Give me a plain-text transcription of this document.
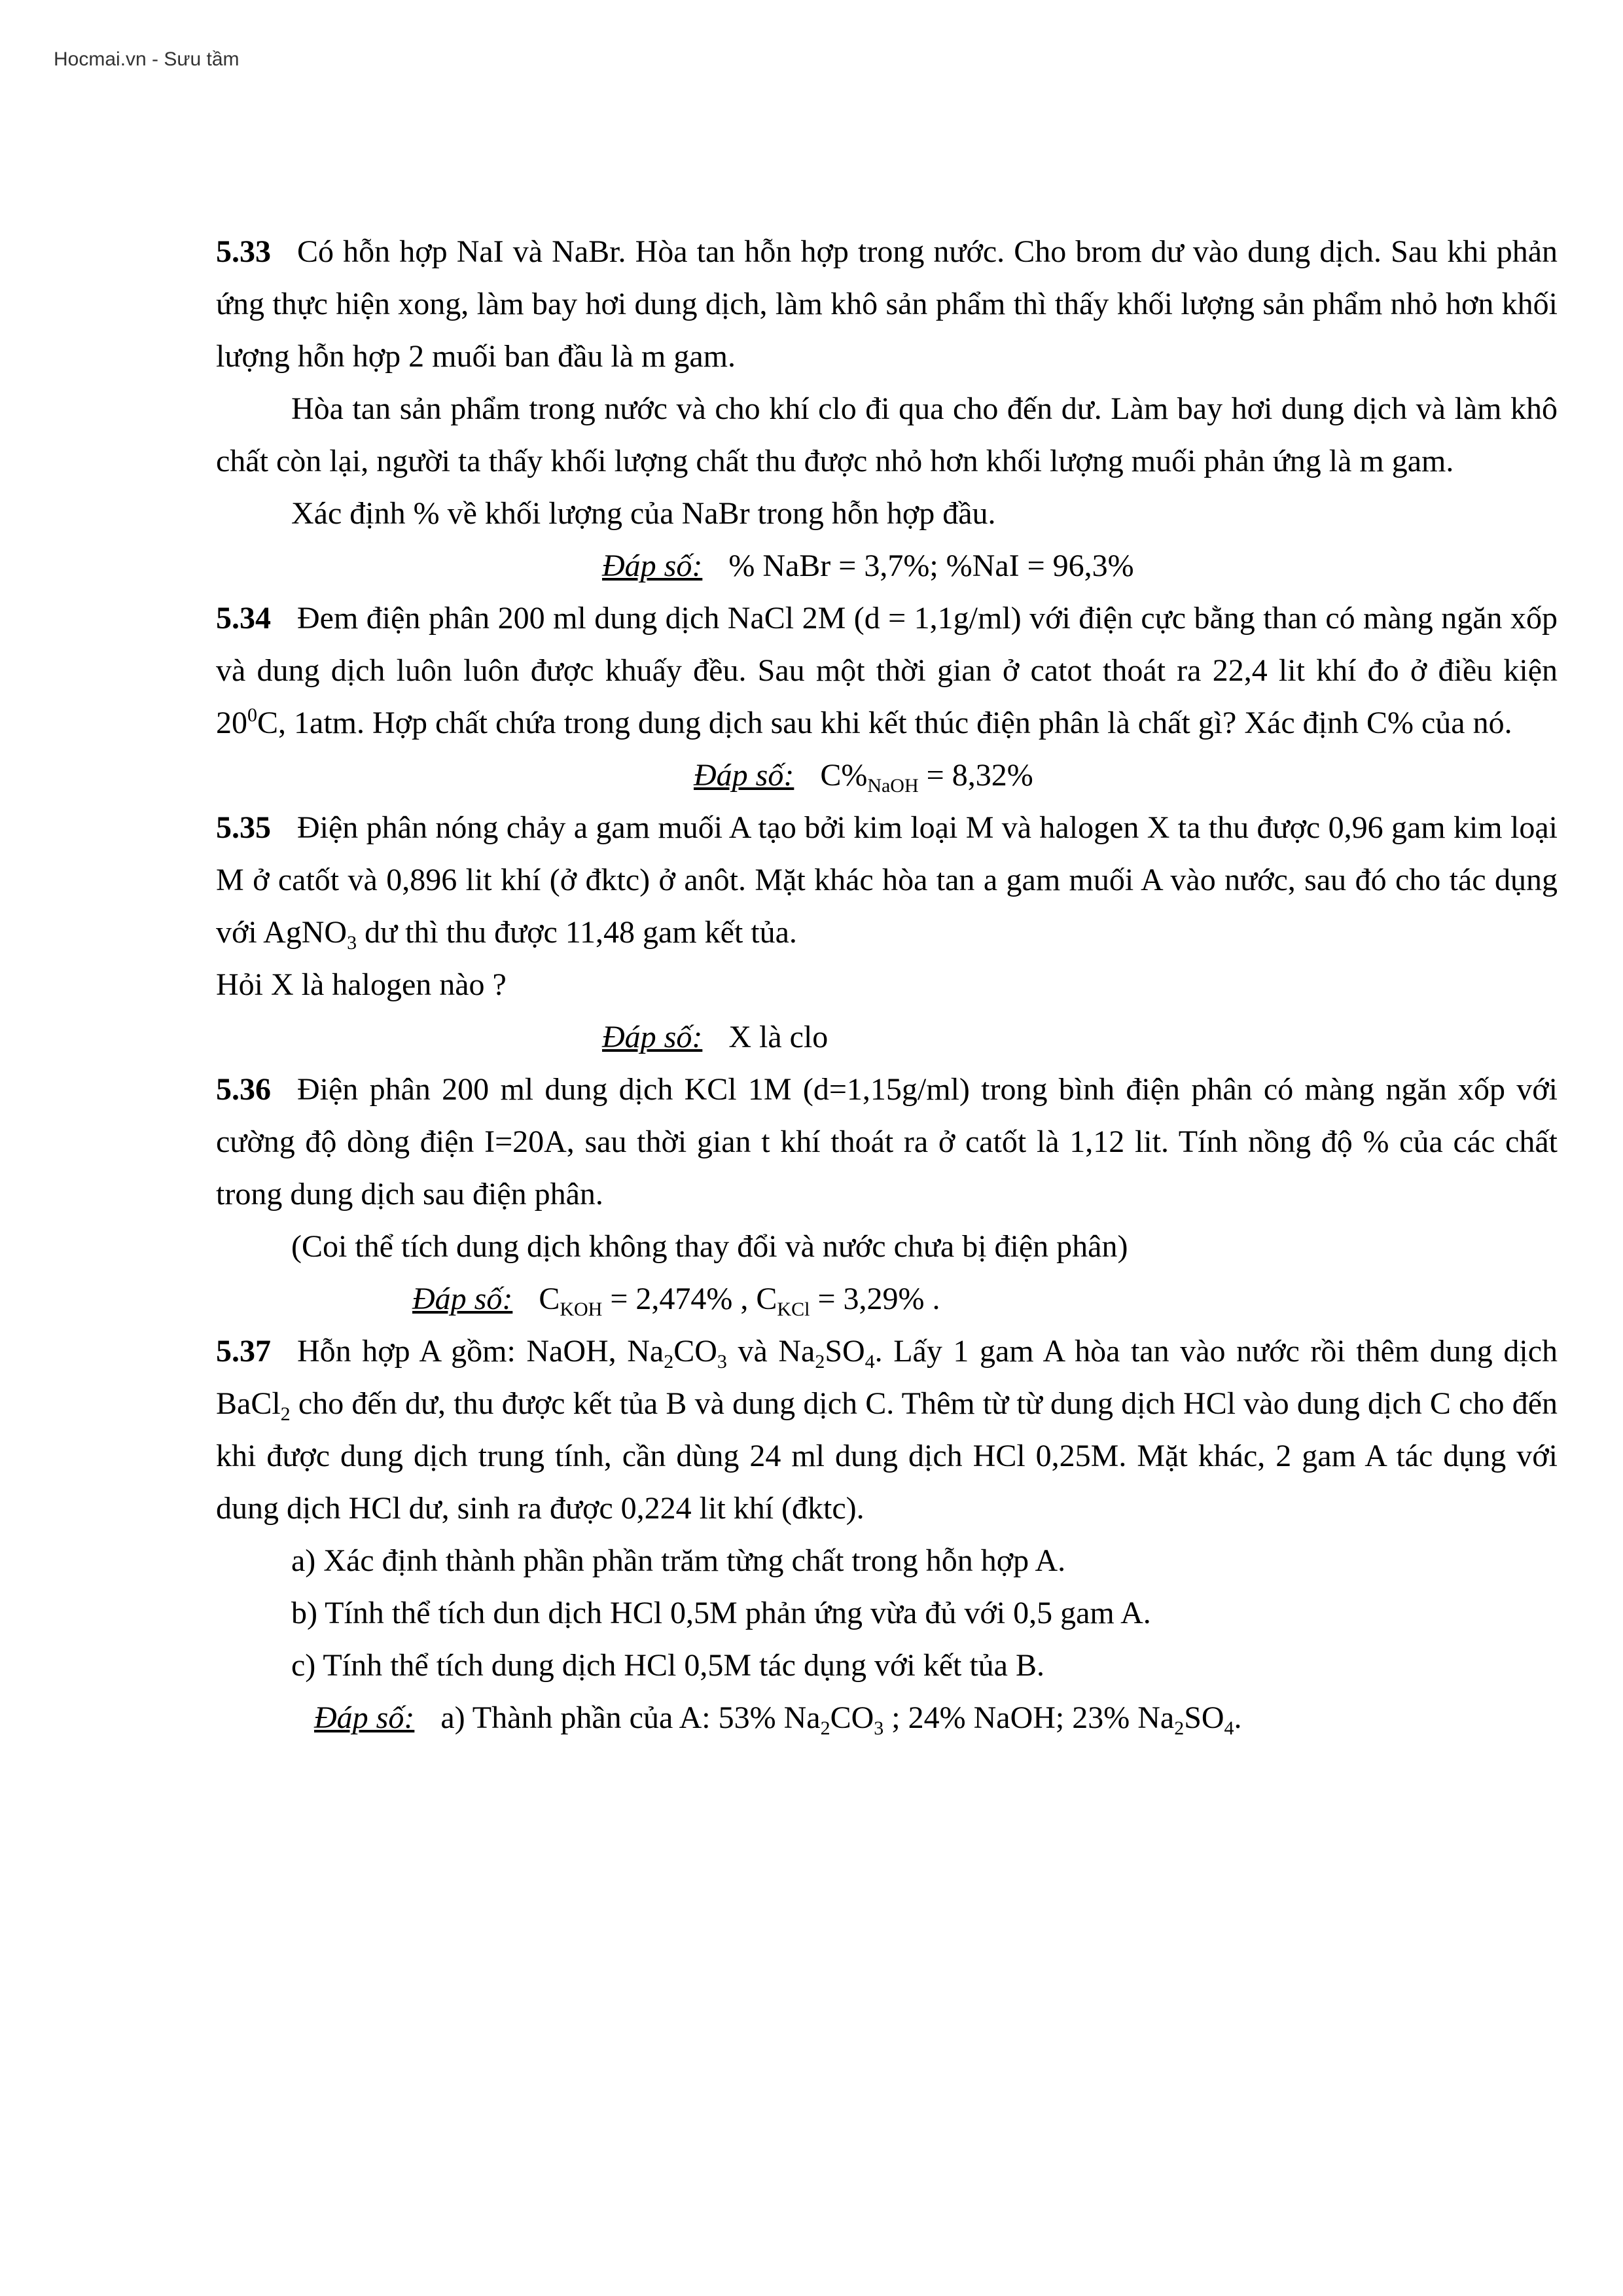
Hocmai.vn - Sưu tầm

5.33 Có hỗn hợp NaI và NaBr. Hòa tan hỗn hợp trong nước. Cho brom dư vào dung dịch. Sau khi phản ứng thực hiện xong, làm bay hơi dung dịch, làm khô sản phẩm thì thấy khối lượng sản phẩm nhỏ hơn khối lượng hỗn hợp 2 muối ban đầu là m gam.

Hòa tan sản phẩm trong nước và cho khí clo đi qua cho đến dư. Làm bay hơi dung dịch và làm khô chất còn lại, người ta thấy khối lượng chất thu được nhỏ hơn khối lượng muối phản ứng là m gam.

Xác định % về khối lượng của NaBr trong hỗn hợp đầu.

Đáp số: % NaBr = 3,7%; %NaI = 96,3%

5.34 Đem điện phân 200 ml dung dịch NaCl 2M (d = 1,1g/ml) với điện cực bằng than có màng ngăn xốp và dung dịch luôn luôn được khuấy đều. Sau một thời gian ở catot thoát ra 22,4 lit khí đo ở điều kiện $20^0C$, 1atm. Hợp chất chứa trong dung dịch sau khi kết thúc điện phân là chất gì? Xác định C% của nó.

Đáp số: $C\%_{NaOH} = 8,32\%$

5.35 Điện phân nóng chảy a gam muối A tạo bởi kim loại M và halogen X ta thu được 0,96 gam kim loại M ở catốt và 0,896 lit khí (ở đktc) ở anôt. Mặt khác hòa tan a gam muối A vào nước, sau đó cho tác dụng với AgNO$_3$ dư thì thu được 11,48 gam kết tủa.

Hỏi X là halogen nào ?

Đáp số: X là clo

5.36 Điện phân 200 ml dung dịch KCl 1M (d=1,15g/ml) trong bình điện phân có màng ngăn xốp với cường độ dòng điện I=20A, sau thời gian t khí thoát ra ở catốt là 1,12 lit. Tính nồng độ % của các chất trong dung dịch sau điện phân.

(Coi thể tích dung dịch không thay đổi và nước chưa bị điện phân)

Đáp số: $C_{KOH} = 2,474\%$ , $C_{KCl} = 3,29\%$ .

5.37 Hỗn hợp A gồm: NaOH, $Na_2CO_3$ và $Na_2SO_4$. Lấy 1 gam A hòa tan vào nước rồi thêm dung dịch BaCl$_2$ cho đến dư, thu được kết tủa B và dung dịch C. Thêm từ từ dung dịch HCl vào dung dịch C cho đến khi được dung dịch trung tính, cần dùng 24 ml dung dịch HCl 0,25M. Mặt khác, 2 gam A tác dụng với dung dịch HCl dư, sinh ra được 0,224 lit khí (đktc).

a) Xác định thành phần phần trăm từng chất trong hỗn hợp A.

b) Tính thể tích dun dịch HCl 0,5M phản ứng vừa đủ với 0,5 gam A.

c) Tính thể tích dung dịch HCl 0,5M tác dụng với kết tủa B.

Đáp số: a) Thành phần của A: 53% $Na_2CO_3$ ; 24% NaOH; 23% $Na_2SO_4$.
